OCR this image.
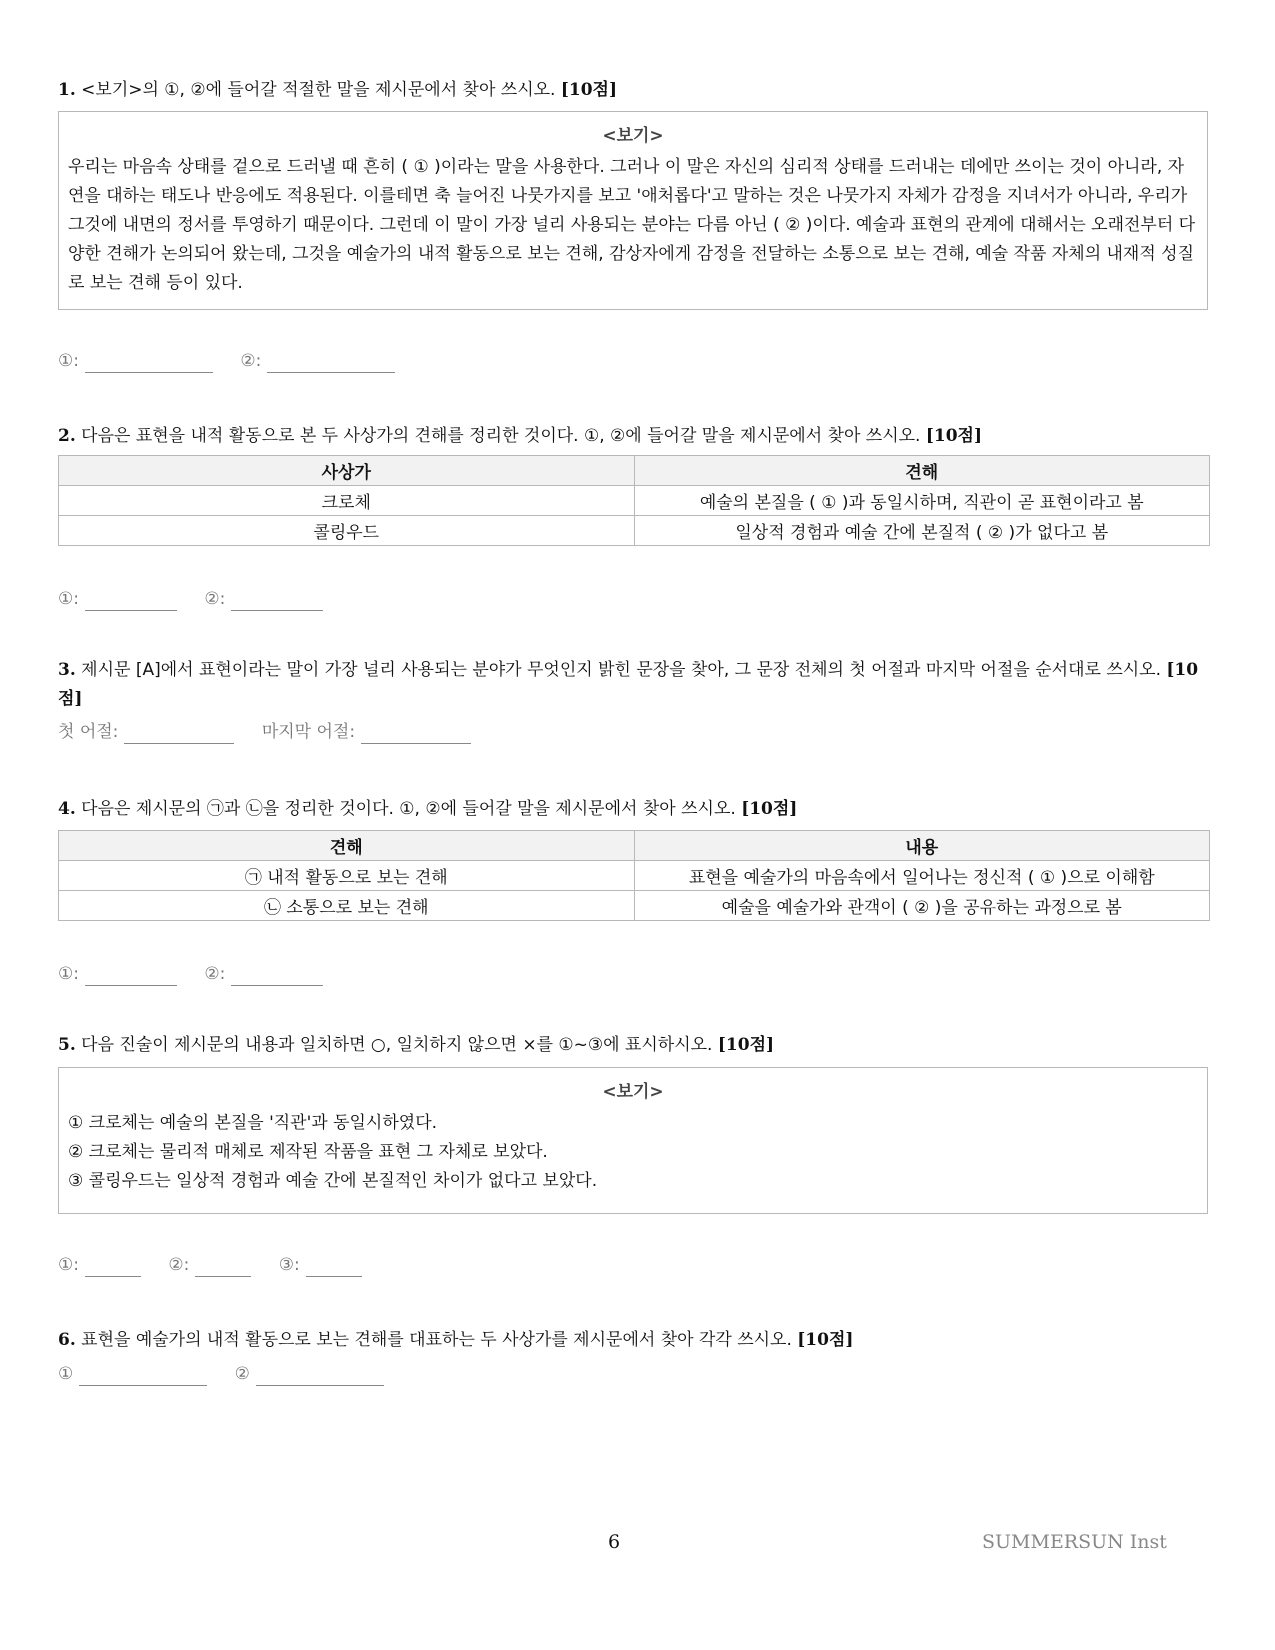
1. <보기>의 ①, ②에 들어갈 적절한 말을 제시문에서 찾아 쓰시오. [10점]
<보기>

우리는 마음속 상태를 겉으로 드러낼 때 흔히 ( ① )이라는 말을 사용한다. 그러나 이 말은 자신의 심리적 상태를 드러내는 데에만 쓰이는 것이 아니라, 자연을 대하는 태도나 반응에도 적용된다. 이를테면 축 늘어진 나뭇가지를 보고 '애처롭다'고 말하는 것은 나뭇가지 자체가 감정을 지녀서가 아니라, 우리가 그것에 내면의 정서를 투영하기 때문이다. 그런데 이 말이 가장 널리 사용되는 분야는 다름 아닌 ( ② )이다. 예술과 표현의 관계에 대해서는 오래전부터 다양한 견해가 논의되어 왔는데, 그것을 예술가의 내적 활동으로 보는 견해, 감상자에게 감정을 전달하는 소통으로 보는 견해, 예술 작품 자체의 내재적 성질로 보는 견해 등이 있다.

①:	②:
2. 다음은 표현을 내적 활동으로 본 두 사상가의 견해를 정리한 것이다. ①, ②에 들어갈 말을 제시문에서 찾아 쓰시오. [10점]
사상가	견해
크로체	예술의 본질을 ( ① )과 동일시하며, 직관이 곧 표현이라고 봄
콜링우드	일상적 경험과 예술 간에 본질적 ( ② )가 없다고 봄
①:	②:
3. 제시문 [A]에서 표현이라는 말이 가장 널리 사용되는 분야가 무엇인지 밝힌 문장을 찾아, 그 문장 전체의 첫 어절과 마지막 어절을 순서대로 쓰시오. [10점]
첫 어절:	마지막 어절:
4. 다음은 제시문의 ㉠과 ㉡을 정리한 것이다. ①, ②에 들어갈 말을 제시문에서 찾아 쓰시오. [10점]
견해	내용
㉠ 내적 활동으로 보는 견해	표현을 예술가의 마음속에서 일어나는 정신적 ( ① )으로 이해함
㉡ 소통으로 보는 견해	예술을 예술가와 관객이 ( ② )을 공유하는 과정으로 봄
①:	②:
5. 다음 진술이 제시문의 내용과 일치하면 ○, 일치하지 않으면 ×를 ①~③에 표시하시오. [10점]
<보기>

① 크로체는 예술의 본질을 '직관'과 동일시하였다.

② 크로체는 물리적 매체로 제작된 작품을 표현 그 자체로 보았다.

③ 콜링우드는 일상적 경험과 예술 간에 본질적인 차이가 없다고 보았다.

①:	②:	③:
6. 표현을 예술가의 내적 활동으로 보는 견해를 대표하는 두 사상가를 제시문에서 찾아 각각 쓰시오. [10점]
①	②
6	SUMMERSUN Inst
